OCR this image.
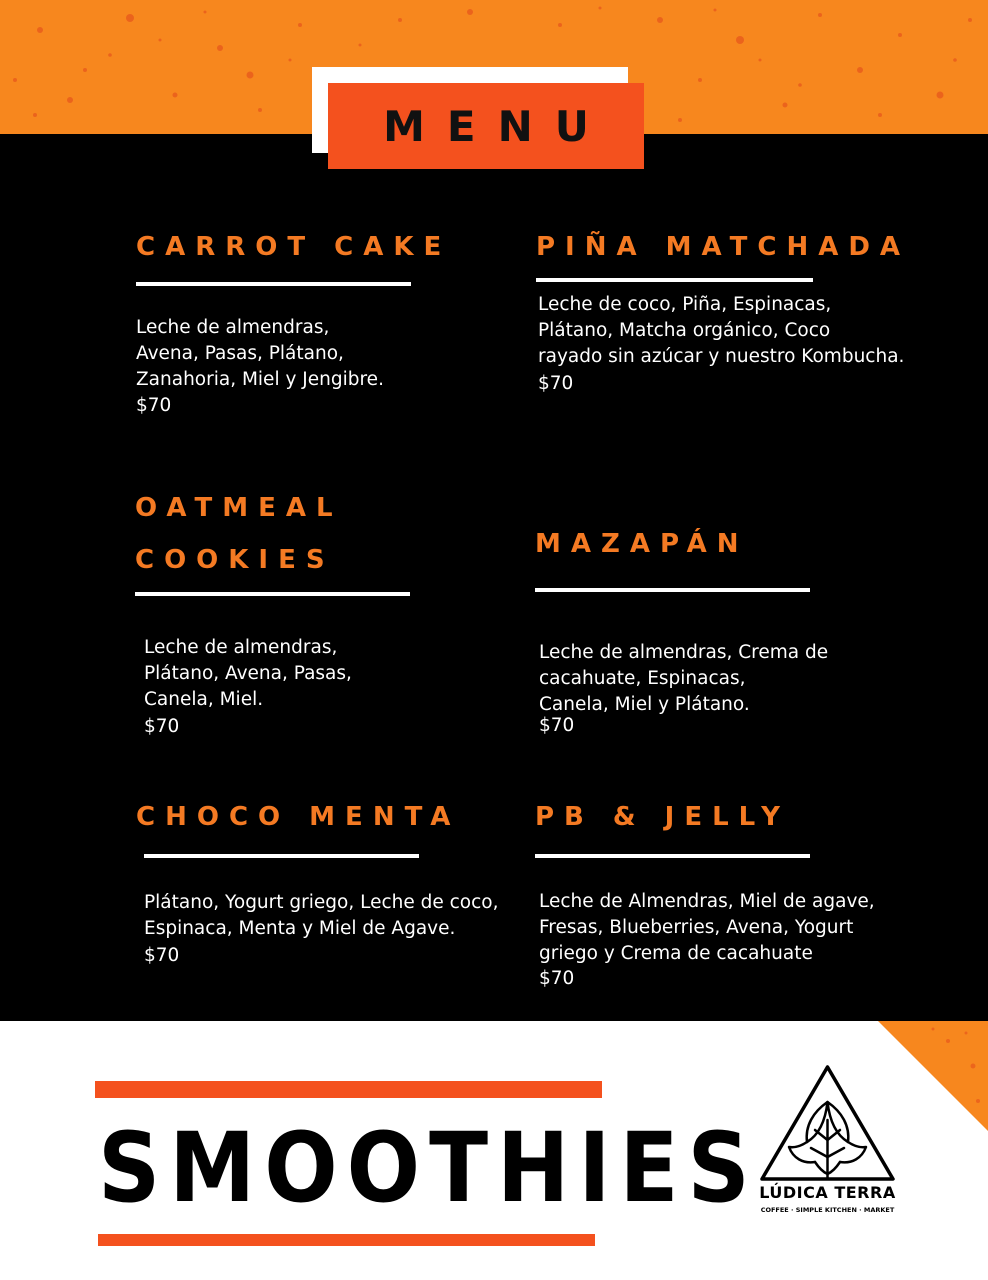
MENU
CARROT CAKE
Leche de almendras,
Avena, Pasas, Plátano,
Zanahoria, Miel y Jengibre.
$70
PIÑA MATCHADA
Leche de coco, Piña, Espinacas,
Plátano, Matcha orgánico, Coco
rayado sin azúcar y nuestro Kombucha.
$70
OATMEAL
COOKIES
Leche de almendras,
Plátano, Avena, Pasas,
Canela, Miel.
$70
MAZAPÁN
Leche de almendras, Crema de
cacahuate, Espinacas,
Canela, Miel y Plátano.
$70
CHOCO MENTA
Plátano, Yogurt griego, Leche de coco,
Espinaca, Menta y Miel de Agave.
$70
PB & JELLY
Leche de Almendras, Miel de agave,
Fresas, Blueberries, Avena, Yogurt
griego y Crema de cacahuate
$70
SMOOTHIES LÚDICA TERRA
COFFEE · SIMPLE KITCHEN · MARKET
